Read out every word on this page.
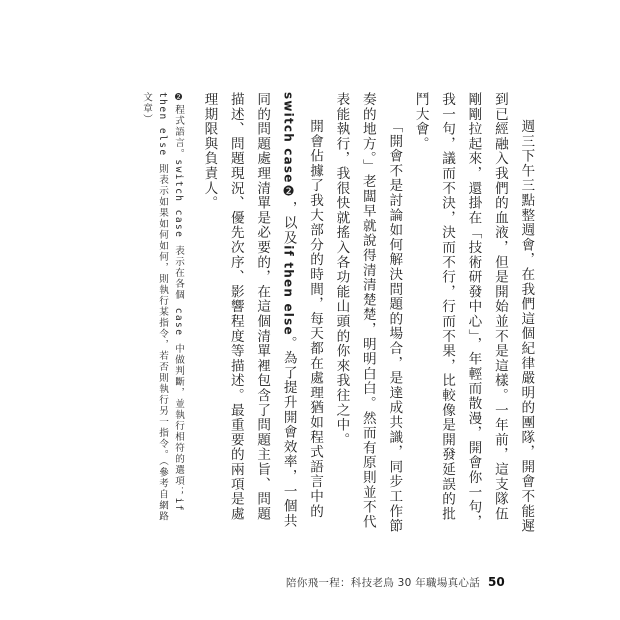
週三下午三點整週會，在我們這個紀律嚴明的團隊，開會不能遲到已經融入我們的血液，但是開始並不是這樣。一年前，這支隊伍剛剛拉起來，還掛在「技術研發中心」，年輕而散漫，開會你一句，我一句，議而不決，決而不行，行而不果，比較像是開發延誤的批鬥大會。

「開會不是討論如何解決問題的場合，是達成共識，同步工作節奏的地方。」老闆早就說得清清楚楚，明明白白。然而有原則並不代表能執行，我很快就搖入各功能山頭的你來我往之中。

開會佔據了我大部分的時間，每天都在處理猶如程式語言中的switch case❷，以及if then else。為了提升開會效率，一個共同的問題處理清單是必要的，在這個清單裡包含了問題主旨、問題描述、問題現況、優先次序、影響程度等描述。最重要的兩項是處理期限與負責人。

❷程式語言。switch case 表示在各個 case 中做判斷，並執行相符的選項；if then else 則表示如果如何如何，則執行某指令，若否則執行另一指令。（參考自網路文章）
陪你飛一程：科技老鳥 30 年職場真心話 50
